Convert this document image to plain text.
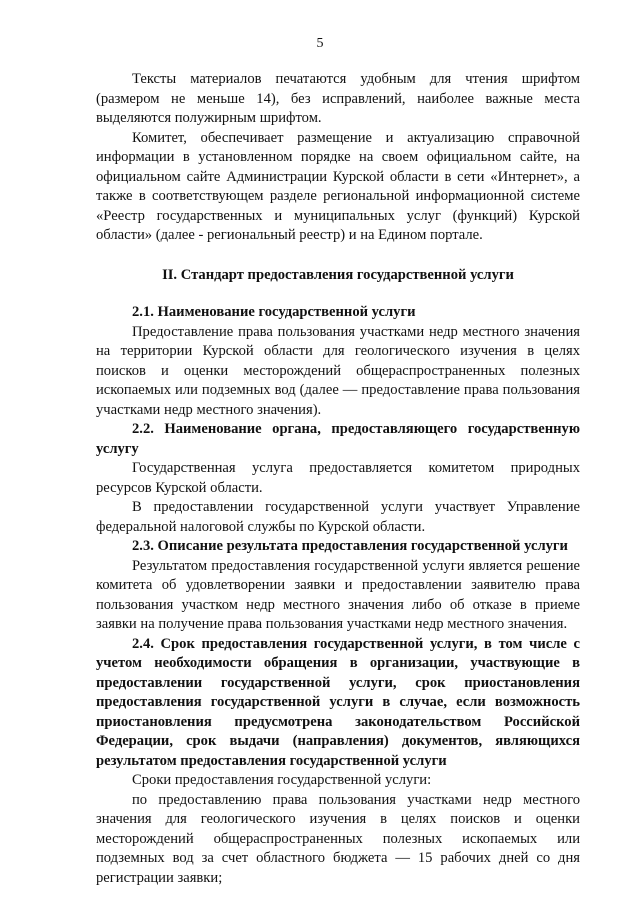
5

Тексты материалов печатаются удобным для чтения шрифтом (размером не меньше 14), без исправлений, наиболее важные места выделяются полужирным шрифтом.

Комитет, обеспечивает размещение и актуализацию справочной информации в установленном порядке на своем официальном сайте, на официальном сайте Администрации Курской области в сети «Интернет», а также в соответствующем разделе региональной информационной системе «Реестр государственных и муниципальных услуг (функций) Курской области» (далее - региональный реестр) и на Едином портале.

II. Стандарт предоставления государственной услуги

2.1. Наименование государственной услуги

Предоставление права пользования участками недр местного значения на территории Курской области для геологического изучения в целях поисков и оценки месторождений общераспространенных полезных ископаемых или подземных вод (далее — предоставление права пользования участками недр местного значения).

2.2. Наименование органа, предоставляющего государственную услугу

Государственная услуга предоставляется комитетом природных ресурсов Курской области.

В предоставлении государственной услуги участвует Управление федеральной налоговой службы по Курской области.

2.3. Описание результата предоставления государственной услуги

Результатом предоставления государственной услуги является решение комитета об удовлетворении заявки и предоставлении заявителю права пользования участком недр местного значения либо об отказе в приеме заявки на получение права пользования участками недр местного значения.

2.4. Срок предоставления государственной услуги, в том числе с учетом необходимости обращения в организации, участвующие в предоставлении государственной услуги, срок приостановления предоставления государственной услуги в случае, если возможность приостановления предусмотрена законодательством Российской Федерации, срок выдачи (направления) документов, являющихся результатом предоставления государственной услуги

Сроки предоставления государственной услуги:

по предоставлению права пользования участками недр местного значения для геологического изучения в целях поисков и оценки месторождений общераспространенных полезных ископаемых или подземных вод за счет областного бюджета — 15 рабочих дней со дня регистрации заявки;
